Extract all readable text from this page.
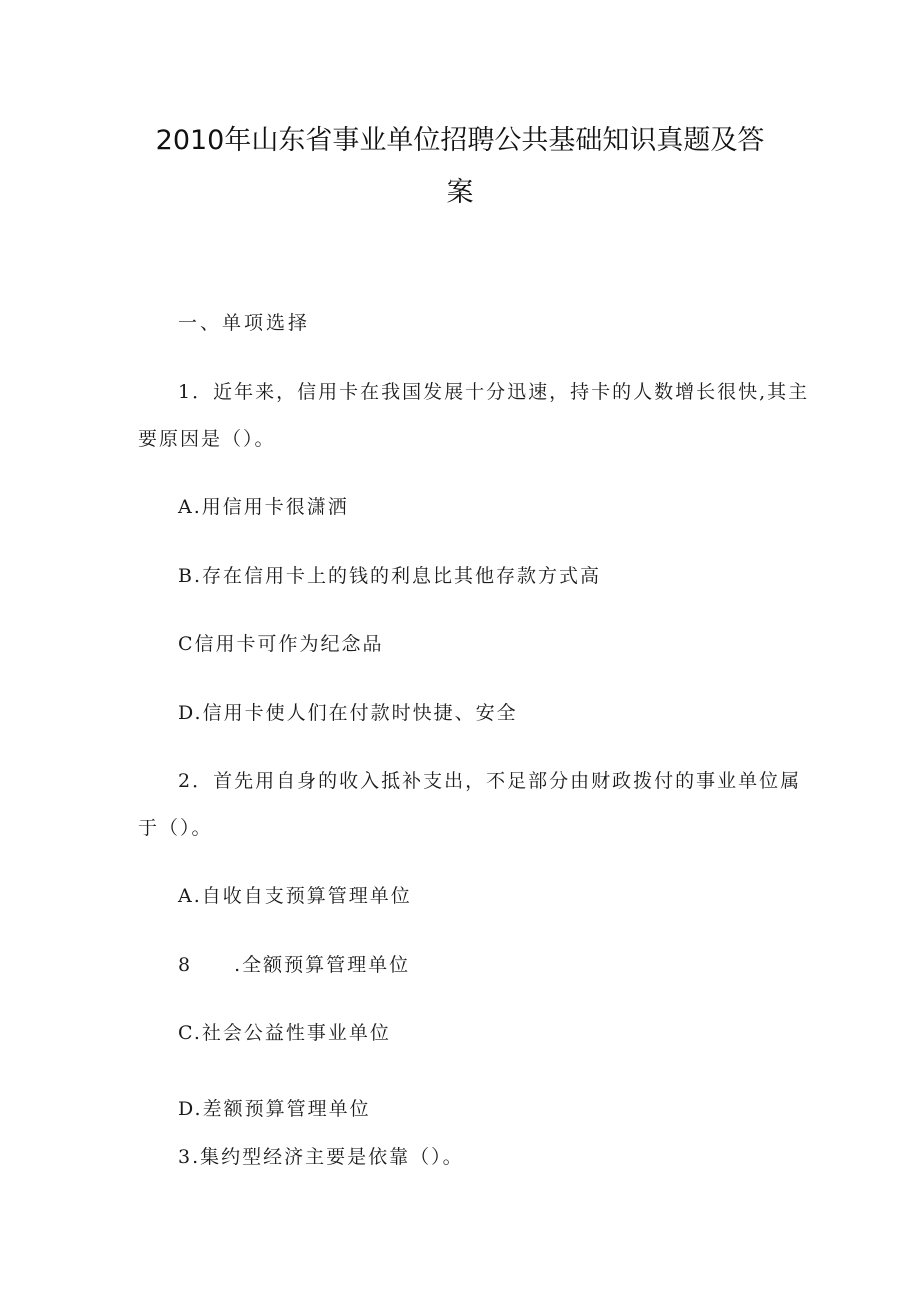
2010年山东省事业单位招聘公共基础知识真题及答
案
一、单项选择
1．近年来，信用卡在我国发展十分迅速，持卡的人数增长很快,其主
要原因是（）。
A.用信用卡很潇洒
B.存在信用卡上的钱的利息比其他存款方式高
C信用卡可作为纪念品
D.信用卡使人们在付款时快捷、安全
2．首先用自身的收入抵补支出，不足部分由财政拨付的事业单位属
于（）。
A.自收自支预算管理单位
8　　.全额预算管理单位
C.社会公益性事业单位
D.差额预算管理单位
3.集约型经济主要是依靠（）。
